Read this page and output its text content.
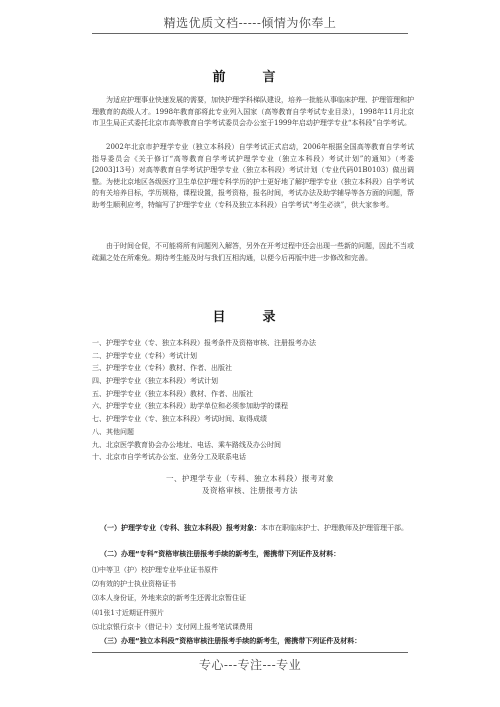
精选优质文档-----倾情为你奉上
前　言

为适应护理事业快速发展的需要，加快护理学科梯队建设，培养一批能从事临床护理、护理管理和护理教育的高级人才。1998年教育部将此专业列入国家（高等教育自学考试专业目录），1998年11月北京市卫生局正式委托北京市高等教育自学考试委员会办公室于1999年启动护理学专业“本科段”自学考试。

2002年北京市护理学专业（独立本科段）自学考试正式启动，2006年根据全国高等教育自学考试指导委员会《关于修订“高等教育自学考试护理学专业（独立本科段）考试计划”的通知》（考委[2003]13号）对高等教育自学考试护理学专业（独立本科段）考试计划（专业代码01B0103）做出调整。为使北京地区各级医疗卫生单位护理专科学历的护士更好地了解护理学专业（独立本科段）自学考试的有关培养目标，学历规格，课程设置，报考资格，报名时间，考试办法及助学辅导等各方面的问题，帮助考生顺利应考，特编写了护理学专业（专科及独立本科段）自学考试“考生必读”，供大家参考。

由于时间仓促，不可能将所有问题列入解答，另外在开考过程中还会出现一些新的问题，因此不当或疏漏之处在所难免。期待考生能及时与我们互相沟通，以便今后再版中进一步修改和完善。

目　录
一、护理学专业（专、独立本科段）报考条件及资格审核、注册报考办法
二、护理学专业（专科）考试计划
三、护理学专业（专科）教材、作者、出版社
四、护理学专业（独立本科段）考试计划
五、护理学专业（独立本科段）教材、作者、出版社
六、护理学专业（独立本科段）助学单位和必须参加助学的课程
七、护理学专业（专、独立本科段）考试时间、取得成绩
八、其他问题
九、北京医学教育协会办公地址、电话、乘车路线及办公时间
十、北京市自学考试办公室、业务分工及联系电话
一、护理学专业（专科、独立本科段）报考对象
及资格审核、注册报考方法

（一）护理学专业（专科、独立本科段）报考对象：本市在职临床护士、护理教师及护理管理干部。

（二）办理“专科”资格审核注册报考手续的新考生，需携带下列证件及材料：

⑴中等卫（护）校护理专业毕业证书原件
⑵有效的护士执业资格证书
⑶本人身份证，外地来京的新考生还需北京暂住证
⑷1张1寸近期证件照片
⑸北京银行京卡（借记卡）支付网上报考笔试课费用

（三）办理“独立本科段”资格审核注册报考手续的新考生，需携带下列证件及材料：

专心---专注---专业
